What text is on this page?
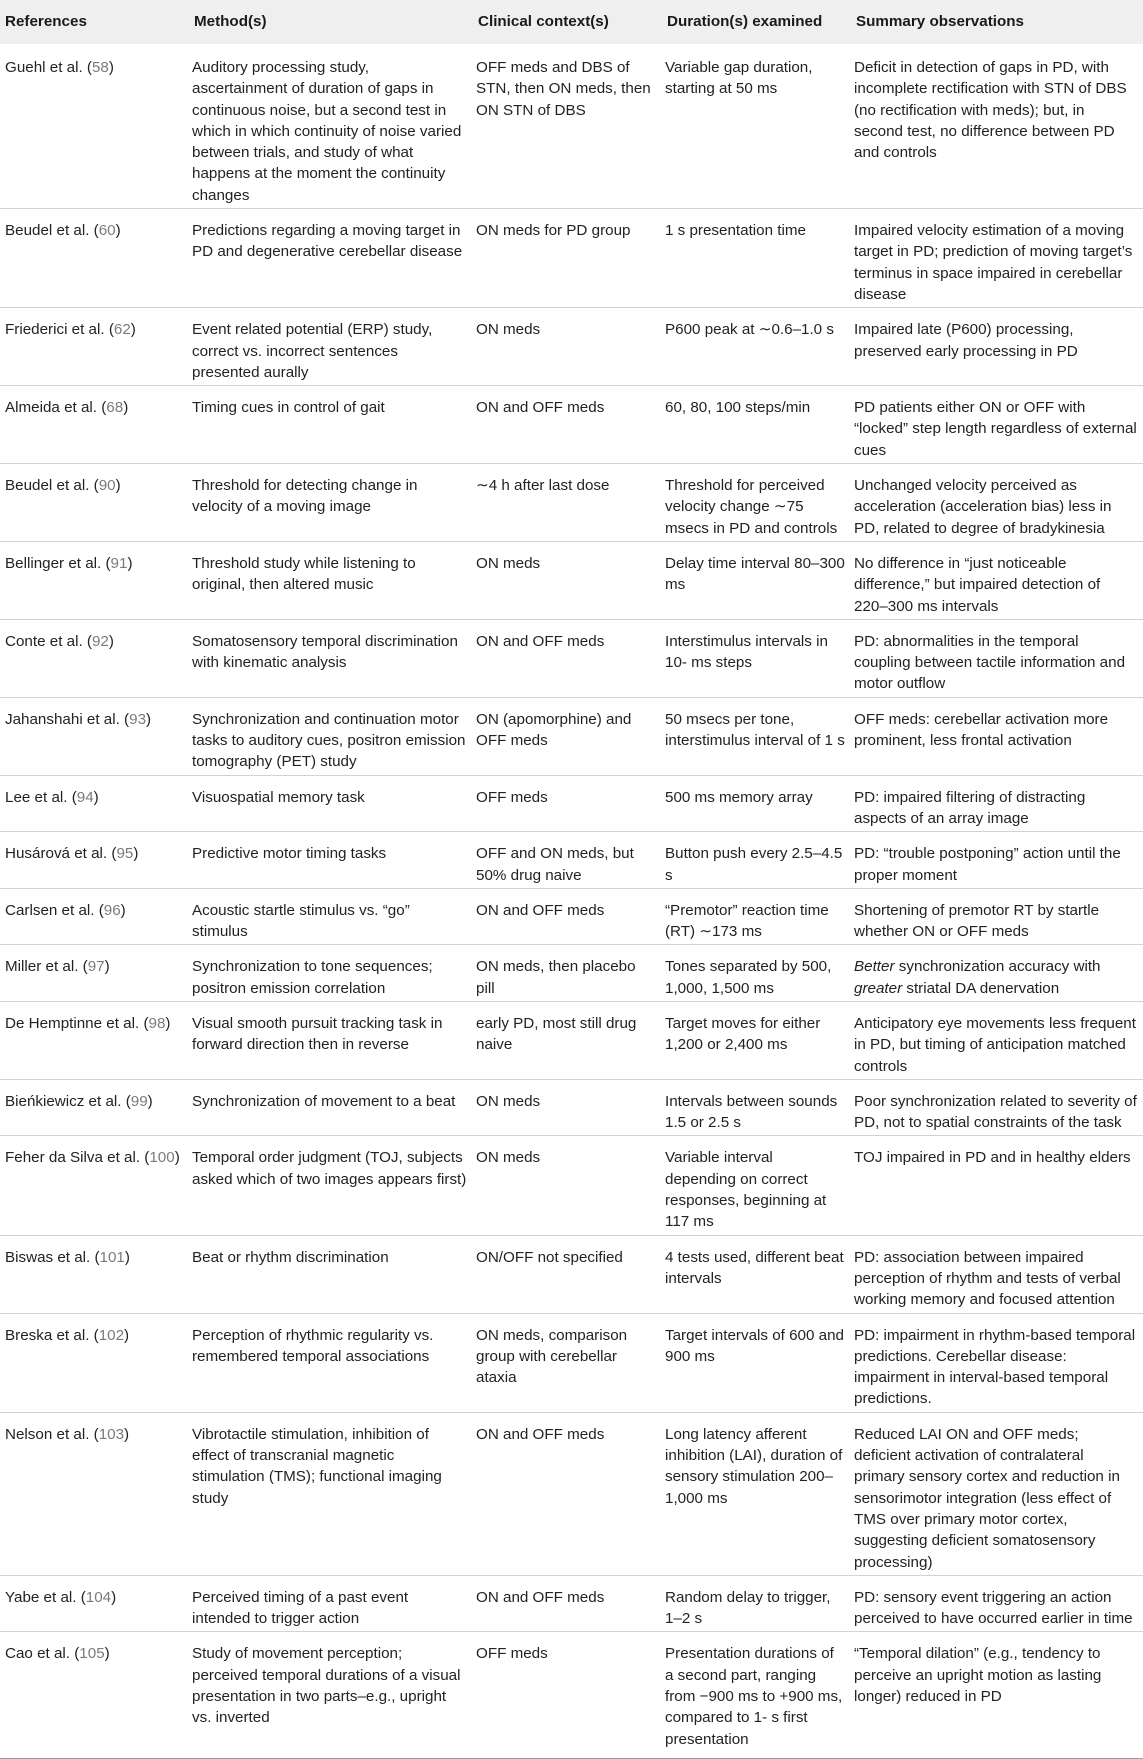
References	Method(s)	Clinical context(s)	Duration(s) examined	Summary observations
Guehl et al. (58)	Auditory processing study, ascertainment of duration of gaps in continuous noise, but a second test in which in which continuity of noise varied between trials, and study of what happens at the moment the continuity changes	OFF meds and DBS of STN, then ON meds, then ON STN of DBS	Variable gap duration, starting at 50 ms	Deficit in detection of gaps in PD, with incomplete rectification with STN of DBS (no rectification with meds); but, in second test, no difference between PD and controls
Beudel et al. (60)	Predictions regarding a moving target in PD and degenerative cerebellar disease	ON meds for PD group	1 s presentation time	Impaired velocity estimation of a moving target in PD; prediction of moving target’s terminus in space impaired in cerebellar disease
Friederici et al. (62)	Event related potential (ERP) study, correct vs. incorrect sentences presented aurally	ON meds	P600 peak at ∼0.6–1.0 s	Impaired late (P600) processing, preserved early processing in PD
Almeida et al. (68)	Timing cues in control of gait	ON and OFF meds	60, 80, 100 steps/min	PD patients either ON or OFF with “locked” step length regardless of external cues
Beudel et al. (90)	Threshold for detecting change in velocity of a moving image	∼4 h after last dose	Threshold for perceived velocity change ∼75 msecs in PD and controls	Unchanged velocity perceived as acceleration (acceleration bias) less in PD, related to degree of bradykinesia
Bellinger et al. (91)	Threshold study while listening to original, then altered music	ON meds	Delay time interval 80–300 ms	No difference in “just noticeable difference,” but impaired detection of 220–300 ms intervals
Conte et al. (92)	Somatosensory temporal discrimination with kinematic analysis	ON and OFF meds	Interstimulus intervals in 10- ms steps	PD: abnormalities in the temporal coupling between tactile information and motor outflow
Jahanshahi et al. (93)	Synchronization and continuation motor tasks to auditory cues, positron emission tomography (PET) study	ON (apomorphine) and OFF meds	50 msecs per tone, interstimulus interval of 1 s	OFF meds: cerebellar activation more prominent, less frontal activation
Lee et al. (94)	Visuospatial memory task	OFF meds	500 ms memory array	PD: impaired filtering of distracting aspects of an array image
Husárová et al. (95)	Predictive motor timing tasks	OFF and ON meds, but 50% drug naive	Button push every 2.5–4.5 s	PD: “trouble postponing” action until the proper moment
Carlsen et al. (96)	Acoustic startle stimulus vs. “go” stimulus	ON and OFF meds	“Premotor” reaction time (RT) ∼173 ms	Shortening of premotor RT by startle whether ON or OFF meds
Miller et al. (97)	Synchronization to tone sequences; positron emission correlation	ON meds, then placebo pill	Tones separated by 500, 1,000, 1,500 ms	Better synchronization accuracy with greater striatal DA denervation
De Hemptinne et al. (98)	Visual smooth pursuit tracking task in forward direction then in reverse	early PD, most still drug naive	Target moves for either 1,200 or 2,400 ms	Anticipatory eye movements less frequent in PD, but timing of anticipation matched controls
Bieńkiewicz et al. (99)	Synchronization of movement to a beat	ON meds	Intervals between sounds 1.5 or 2.5 s	Poor synchronization related to severity of PD, not to spatial constraints of the task
Feher da Silva et al. (100)	Temporal order judgment (TOJ, subjects asked which of two images appears first)	ON meds	Variable interval depending on correct responses, beginning at 117 ms	TOJ impaired in PD and in healthy elders
Biswas et al. (101)	Beat or rhythm discrimination	ON/OFF not specified	4 tests used, different beat intervals	PD: association between impaired perception of rhythm and tests of verbal working memory and focused attention
Breska et al. (102)	Perception of rhythmic regularity vs. remembered temporal associations	ON meds, comparison group with cerebellar ataxia	Target intervals of 600 and 900 ms	PD: impairment in rhythm-based temporal predictions. Cerebellar disease: impairment in interval-based temporal predictions.
Nelson et al. (103)	Vibrotactile stimulation, inhibition of effect of transcranial magnetic stimulation (TMS); functional imaging study	ON and OFF meds	Long latency afferent inhibition (LAI), duration of sensory stimulation 200–1,000 ms	Reduced LAI ON and OFF meds; deficient activation of contralateral primary sensory cortex and reduction in sensorimotor integration (less effect of TMS over primary motor cortex, suggesting deficient somatosensory processing)
Yabe et al. (104)	Perceived timing of a past event intended to trigger action	ON and OFF meds	Random delay to trigger, 1–2 s	PD: sensory event triggering an action perceived to have occurred earlier in time
Cao et al. (105)	Study of movement perception; perceived temporal durations of a visual presentation in two parts–e.g., upright vs. inverted	OFF meds	Presentation durations of a second part, ranging from −900 ms to +900 ms, compared to 1- s first presentation	“Temporal dilation” (e.g., tendency to perceive an upright motion as lasting longer) reduced in PD
